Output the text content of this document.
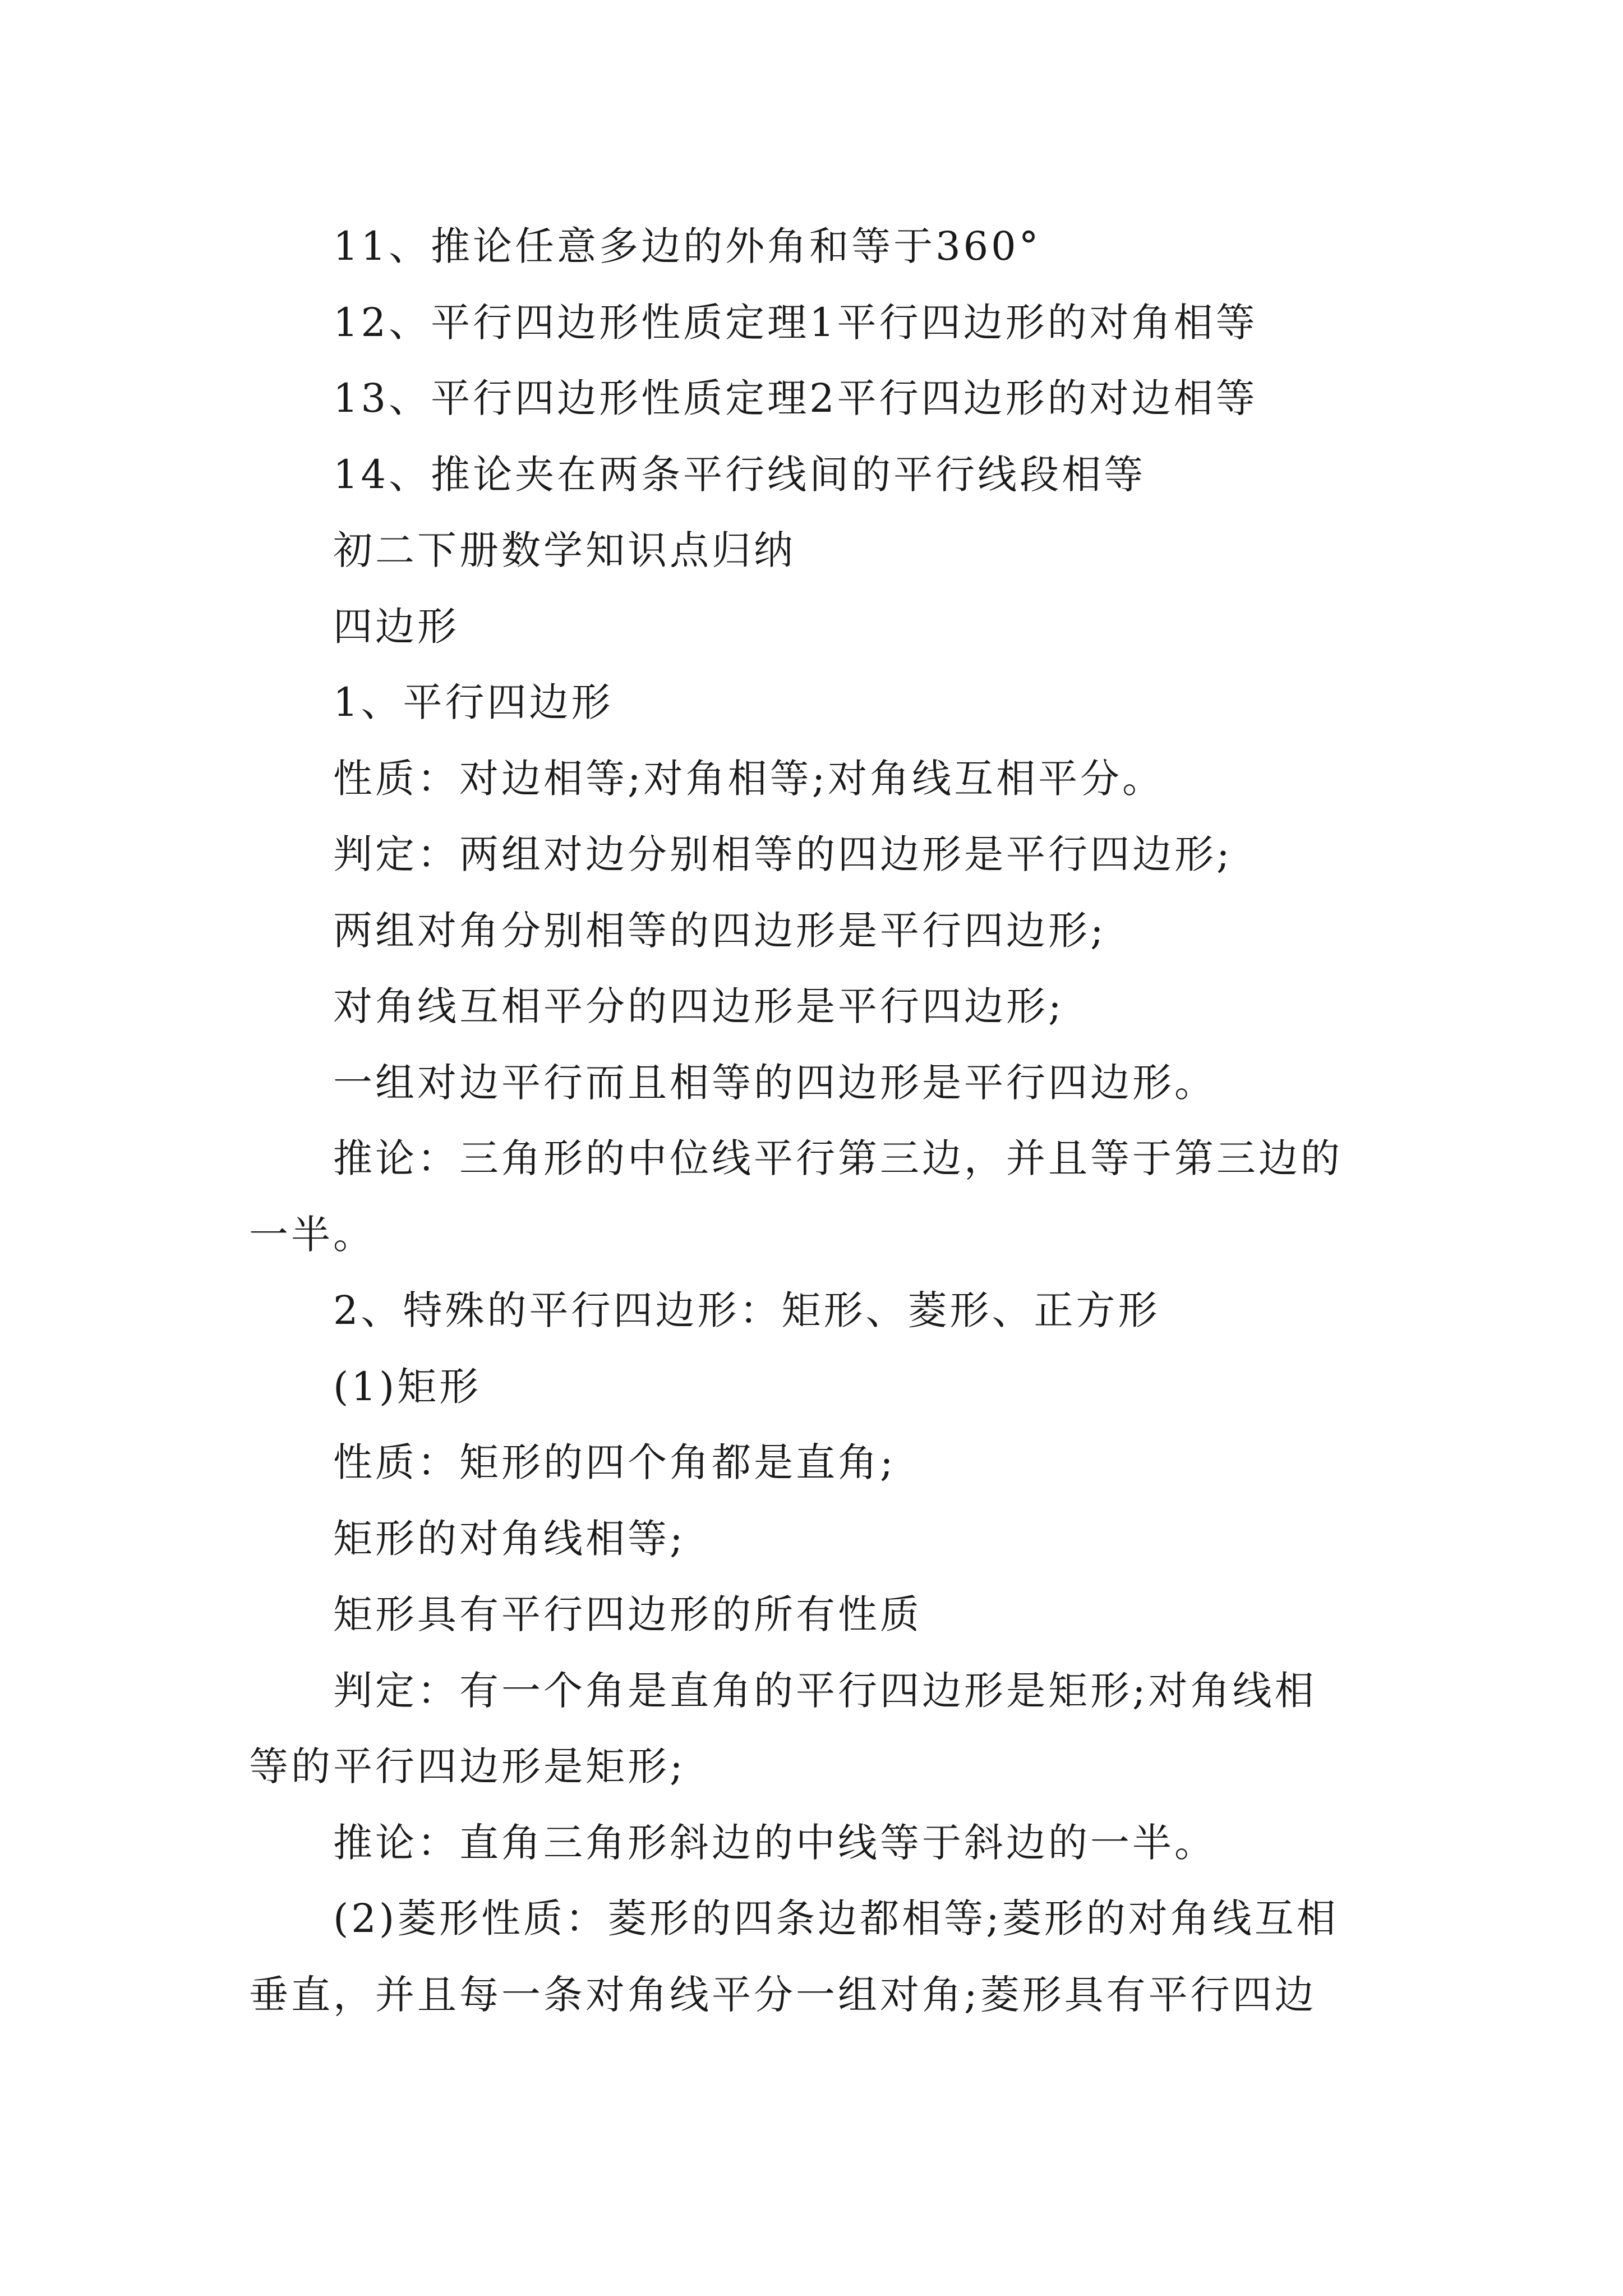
11、推论任意多边的外角和等于360°
12、平行四边形性质定理1平行四边形的对角相等
13、平行四边形性质定理2平行四边形的对边相等
14、推论夹在两条平行线间的平行线段相等
初二下册数学知识点归纳
四边形
1、平行四边形
性质：对边相等;对角相等;对角线互相平分。
判定：两组对边分别相等的四边形是平行四边形;
两组对角分别相等的四边形是平行四边形;
对角线互相平分的四边形是平行四边形;
一组对边平行而且相等的四边形是平行四边形。
推论：三角形的中位线平行第三边，并且等于第三边的
一半。
2、特殊的平行四边形：矩形、菱形、正方形
(1)矩形
性质：矩形的四个角都是直角;
矩形的对角线相等;
矩形具有平行四边形的所有性质
判定：有一个角是直角的平行四边形是矩形;对角线相
等的平行四边形是矩形;
推论：直角三角形斜边的中线等于斜边的一半。
(2)菱形性质：菱形的四条边都相等;菱形的对角线互相
垂直，并且每一条对角线平分一组对角;菱形具有平行四边
